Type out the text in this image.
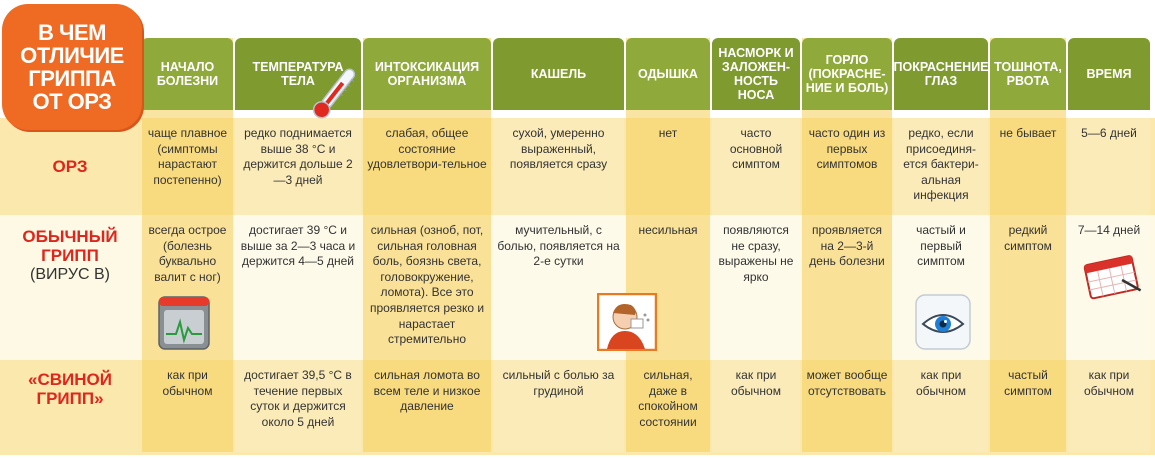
НАЧАЛО БОЛЕЗНИ
чаще плавное (симптомы нарастают постепенно)
всегда острое (болезнь буквально валит с ног)
как при обычном
ТЕМПЕРАТУРА ТЕЛА
редко поднимается выше 38 °С и держится дольше 2—3 дней
достигает 39 °С и выше за 2—3 часа и держится 4—5 дней
достигает 39,5 °С в течение первых суток и держится около 5 дней
ИНТОКСИКАЦИЯ ОРГАНИЗМА
слабая, общее состояние удовлетвори-тельное
сильная (озноб, пот, сильная головная боль, боязнь света, головокружение, ломота). Все это проявляется резко и нарастает стремительно
сильная ломота во всем теле и низкое давление
КАШЕЛЬ
сухой, умеренно выраженный, появляется сразу
мучительный, с болью, появляется на 2-е сутки
сильный с болью за грудиной
ОДЫШКА
нет
несильная
сильная, даже в спокойном состоянии
НАСМОРК И ЗАЛОЖЕН-НОСТЬ НОСА
часто основной симптом
появляются не сразу, выражены не ярко
как при обычном
ГОРЛО (ПОКРАСНЕ-НИЕ И БОЛЬ)
часто один из первых симптомов
проявляется на 2—3-й день болезни
может вообще отсутствовать
ПОКРАСНЕНИЕ ГЛАЗ
редко, если присоединя-ется бактери-альная инфекция
частый и первый симптом
как при обычном
ТОШНОТА, РВОТА
не бывает
редкий симптом
частый симптом
ВРЕМЯ
5—6 дней
7—14 дней
как при обычном
В ЧЕМ
ОТЛИЧИЕ
ГРИППА
ОТ ОРЗ
ОРЗ
ОБЫЧНЫЙ ГРИПП
(ВИРУС B)
«СВИНОЙ ГРИПП»
